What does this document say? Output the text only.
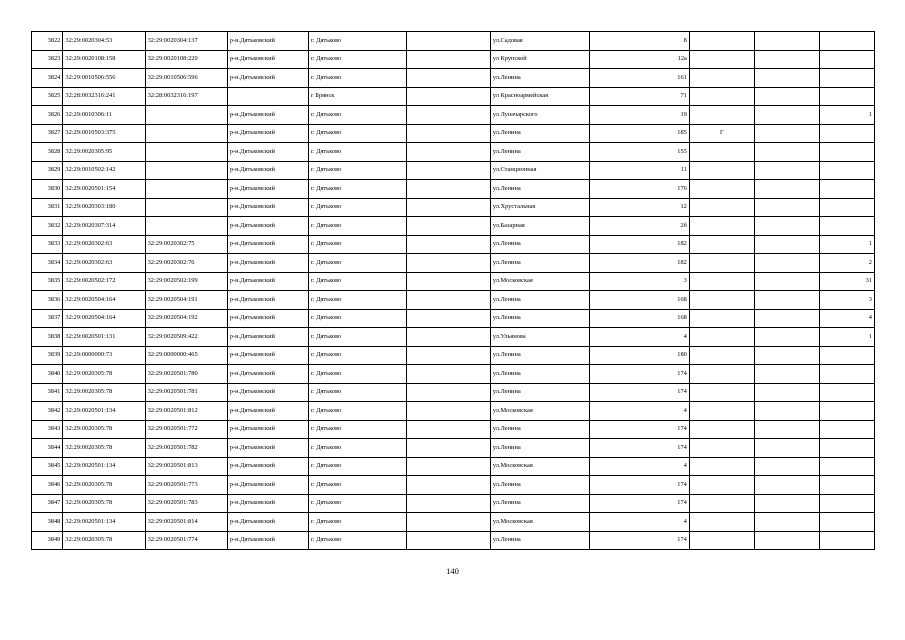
3822	32:29:0020304:53	32:29:0020304:137	р-н.Дятьковский	г. Дятьково		ул.Садовая	8			
3823	32:29:0020108:158	32:29:0020108:220	р-н.Дятьковский	г. Дятьково		ул Крупской	12а			
3824	32:29:0010506:556	32:29:0010506:596	р-н.Дятьковский	г. Дятьково		ул.Ленина	161			
3825	32:28:0032316:241	32:28:0032316:197		г Брянск		ул Красноармейская	71			
3826	32:29:0010306:11		р-н.Дятьковский	г. Дятьково		ул Луначарского	19			1
3827	32:29:0010503:375		р-н.Дятьковский	г. Дятьково		ул.Ленина	185	Г		
3828	32:29:0020305:95		р-н.Дятьковский	г. Дятьково		ул.Ленина	155			
3829	32:29:0010502:142		р-н.Дятьковский	г. Дятьково		ул.Станционная	11			
3830	32:29:0020501:154		р-н.Дятьковский	г. Дятьково		ул.Ленина	176			
3831	32:29:0020303:180		р-н.Дятьковский	г. Дятьково		ул.Хрустальная	12			
3832	32:29:0020307:314		р-н.Дятьковский	г. Дятьково		ул.Базарная	2б			
3833	32:29:0020302:63	32:29:0020302:75	р-н.Дятьковский	г. Дятьково		ул.Ленина	182			1
3834	32:29:0020302:63	32:29:0020302:76	р-н.Дятьковский	г. Дятьково		ул.Ленина	182			2
3835	32:29:0020502:172	32:29:0020502:199	р-н.Дятьковский	г. Дятьково		ул.Московская	3			31
3836	32:29:0020504:164	32:29:0020504:191	р-н.Дятьковский	г. Дятьково		ул.Ленина	168			3
3837	32:29:0020504:164	32:29:0020504:192	р-н.Дятьковский	г. Дятьково		ул.Ленина	168			4
3838	32:29:0020501:131	32:29:0020509:422	р-н.Дятьковский	г. Дятьково		ул.Ульянова	4			1
3839	32:29:0000000:73	32:29:0000000:465	р-н.Дятьковский	г. Дятьково		ул.Ленина	180			
3840	32:29:0020305:78	32:29:0020501:780	р-н.Дятьковский	г. Дятьково		ул.Ленина	174			
3841	32:29:0020305:78	32:29:0020501:781	р-н.Дятьковский	г. Дятьково		ул.Ленина	174			
3842	32:29:0020501:134	32:29:0020501:812	р-н.Дятьковский	г. Дятьково		ул.Московская	4			
3843	32:29:0020305:78	32:29:0020501:772	р-н.Дятьковский	г. Дятьково		ул.Ленина	174			
3844	32:29:0020305:78	32:29:0020501:782	р-н.Дятьковский	г. Дятьково		ул.Ленина	174			
3845	32:29:0020501:134	32:29:0020501:813	р-н.Дятьковский	г. Дятьково		ул.Московская	4			
3846	32:29:0020305:78	32:29:0020501:773	р-н.Дятьковский	г. Дятьково		ул.Ленина	174			
3847	32:29:0020305:78	32:29:0020501:783	р-н.Дятьковский	г. Дятьково		ул.Ленина	174			
3848	32:29:0020501:134	32:29:0020501:814	р-н.Дятьковский	г. Дятьково		ул.Московская	4			
3849	32:29:0020305:78	32:29:0020501:774	р-н.Дятьковский	г. Дятьково		ул.Ленина	174			
140
